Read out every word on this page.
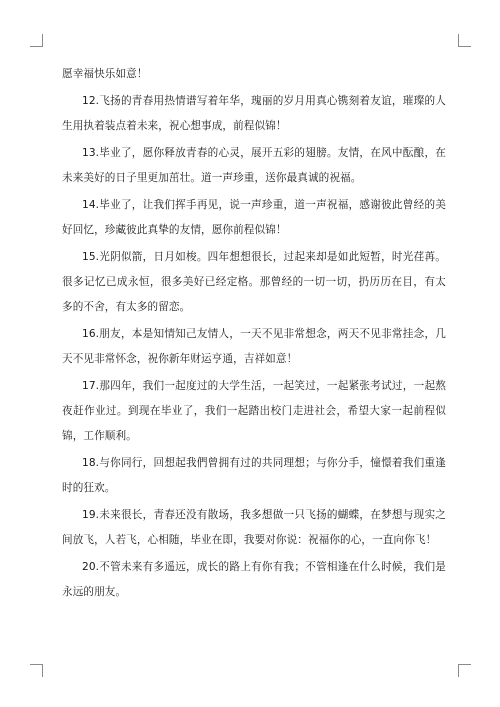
愿幸福快乐如意！

12.飞扬的青春用热情谱写着年华，瑰丽的岁月用真心镌刻着友谊，璀璨的人生用执着装点着未来，祝心想事成，前程似锦！

13.毕业了，愿你释放青春的心灵，展开五彩的翅膀。友情，在风中酝酿，在未来美好的日子里更加茁壮。道一声珍重，送你最真诚的祝福。

14.毕业了，让我们挥手再见，说一声珍重，道一声祝福，感谢彼此曾经的美好回忆，珍藏彼此真挚的友情，愿你前程似锦！

15.光阴似箭，日月如梭。四年想想很长，过起来却是如此短暂，时光荏苒。很多记忆已成永恒，很多美好已经定格。那曾经的一切一切，扔历历在目，有太多的不舍，有太多的留恋。

16.朋友，本是知情知己友情人，一天不见非常想念，两天不见非常挂念，几天不见非常怀念，祝你新年财运亨通，吉祥如意！

17.那四年，我们一起度过的大学生活，一起笑过，一起紧张考试过，一起熬夜赶作业过。到现在毕业了，我们一起踏出校门走进社会，希望大家一起前程似锦，工作顺利。

18.与你同行，回想起我們曾拥有过的共同理想；与你分手，憧憬着我们重逢时的狂欢。

19.未来很长，青春还没有散场，我多想做一只飞扬的蝴蝶，在梦想与现实之间放飞，人若飞，心相随，毕业在即，我要对你说：祝福你的心，一直向你飞！

20.不管未来有多遥远，成长的路上有你有我；不管相逢在什么时候，我们是永远的朋友。
